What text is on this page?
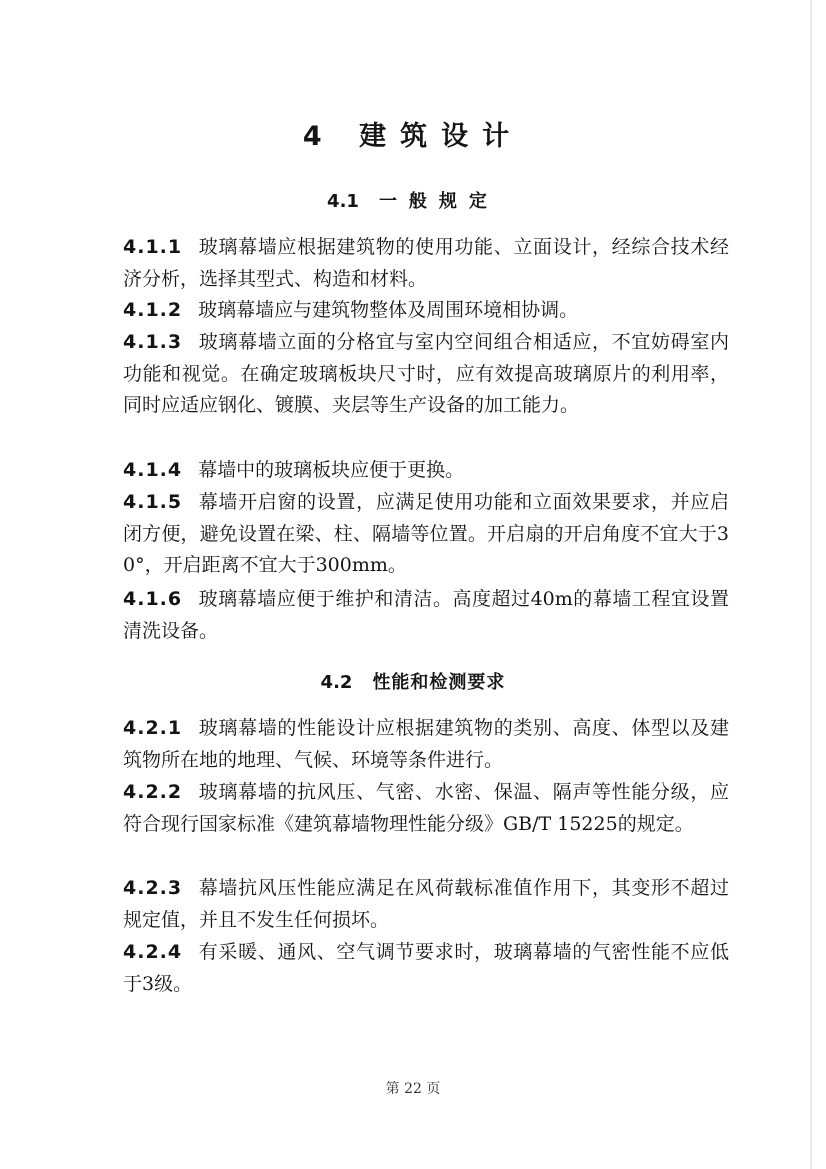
4 建筑设计
4.1 一般规定
4.1.1 玻璃幕墙应根据建筑物的使用功能、立面设计，经综合技术经济分析，选择其型式、构造和材料。
4.1.2 玻璃幕墙应与建筑物整体及周围环境相协调。
4.1.3 玻璃幕墙立面的分格宜与室内空间组合相适应，不宜妨碍室内功能和视觉。在确定玻璃板块尺寸时，应有效提高玻璃原片的利用率，同时应适应钢化、镀膜、夹层等生产设备的加工能力。
4.1.4 幕墙中的玻璃板块应便于更换。
4.1.5 幕墙开启窗的设置，应满足使用功能和立面效果要求，并应启闭方便，避免设置在梁、柱、隔墙等位置。开启扇的开启角度不宜大于30°，开启距离不宜大于300mm。
4.1.6 玻璃幕墙应便于维护和清洁。高度超过40m的幕墙工程宜设置清洗设备。
4.2 性能和检测要求
4.2.1 玻璃幕墙的性能设计应根据建筑物的类别、高度、体型以及建筑物所在地的地理、气候、环境等条件进行。
4.2.2 玻璃幕墙的抗风压、气密、水密、保温、隔声等性能分级，应符合现行国家标准《建筑幕墙物理性能分级》GB/T 15225的规定。
4.2.3 幕墙抗风压性能应满足在风荷载标准值作用下，其变形不超过规定值，并且不发生任何损坏。
4.2.4 有采暖、通风、空气调节要求时，玻璃幕墙的气密性能不应低于3级。
第 22 页
